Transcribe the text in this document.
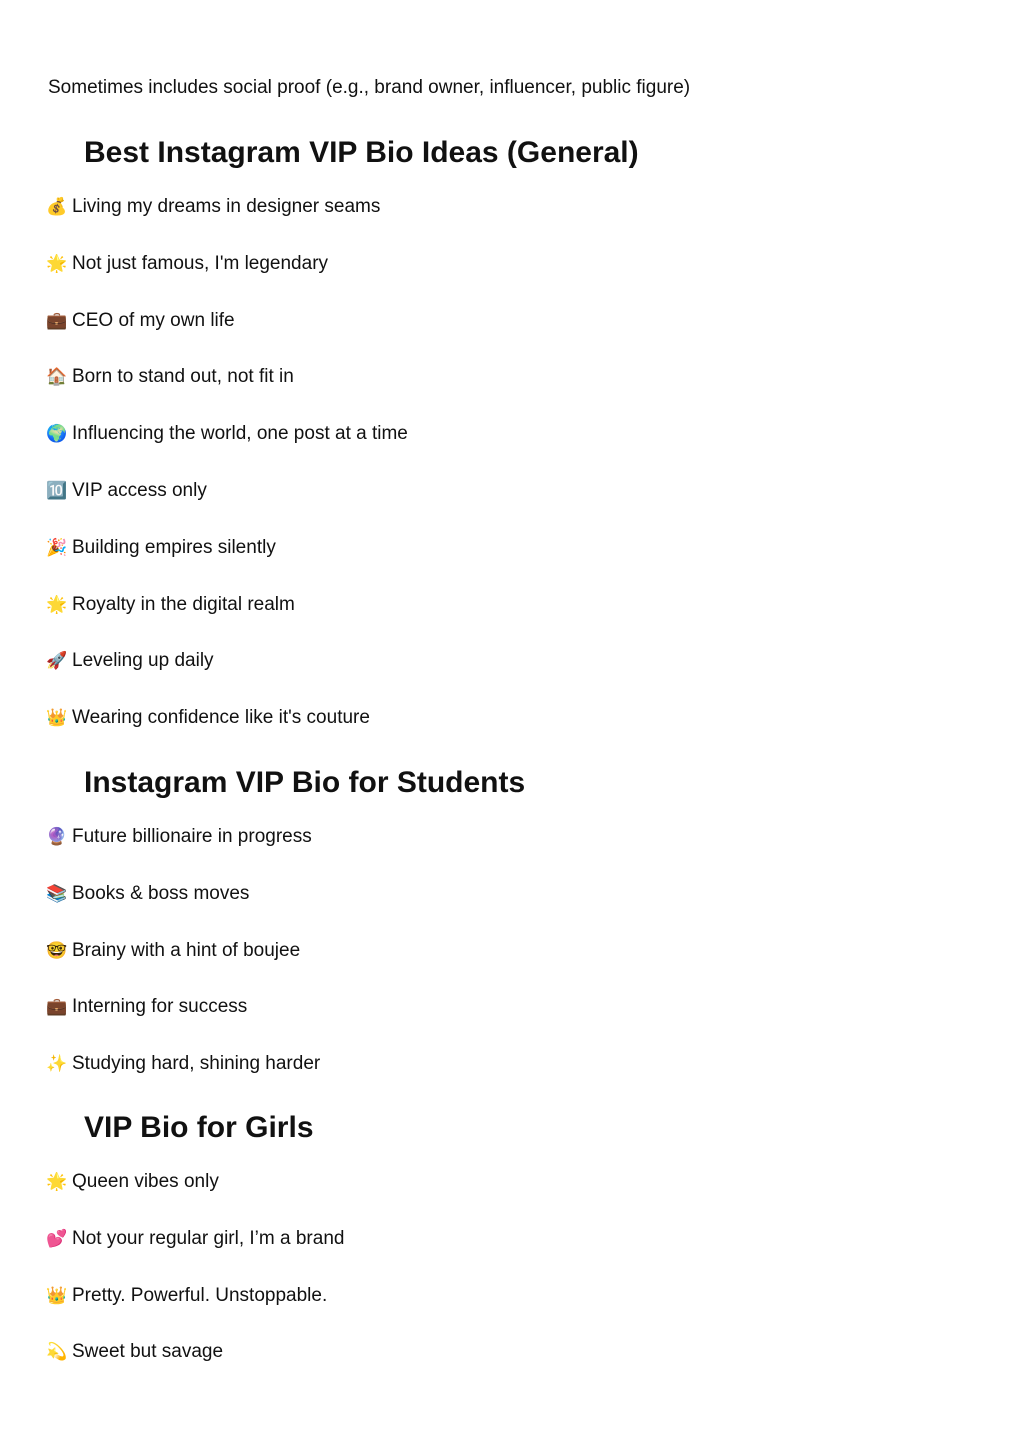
Sometimes includes social proof (e.g., brand owner, influencer, public figure)
Best Instagram VIP Bio Ideas (General)
💰 Living my dreams in designer seams
🌟 Not just famous, I'm legendary
💼 CEO of my own life
🏠 Born to stand out, not fit in
🌍 Influencing the world, one post at a time
🔟 VIP access only
🎉 Building empires silently
🌟 Royalty in the digital realm
🚀 Leveling up daily
👑 Wearing confidence like it's couture
Instagram VIP Bio for Students
🔮 Future billionaire in progress
📚 Books & boss moves
🤓 Brainy with a hint of boujee
💼 Interning for success
✨ Studying hard, shining harder
VIP Bio for Girls
🌟 Queen vibes only
💕 Not your regular girl, I’m a brand
👑 Pretty. Powerful. Unstoppable.
💫 Sweet but savage
